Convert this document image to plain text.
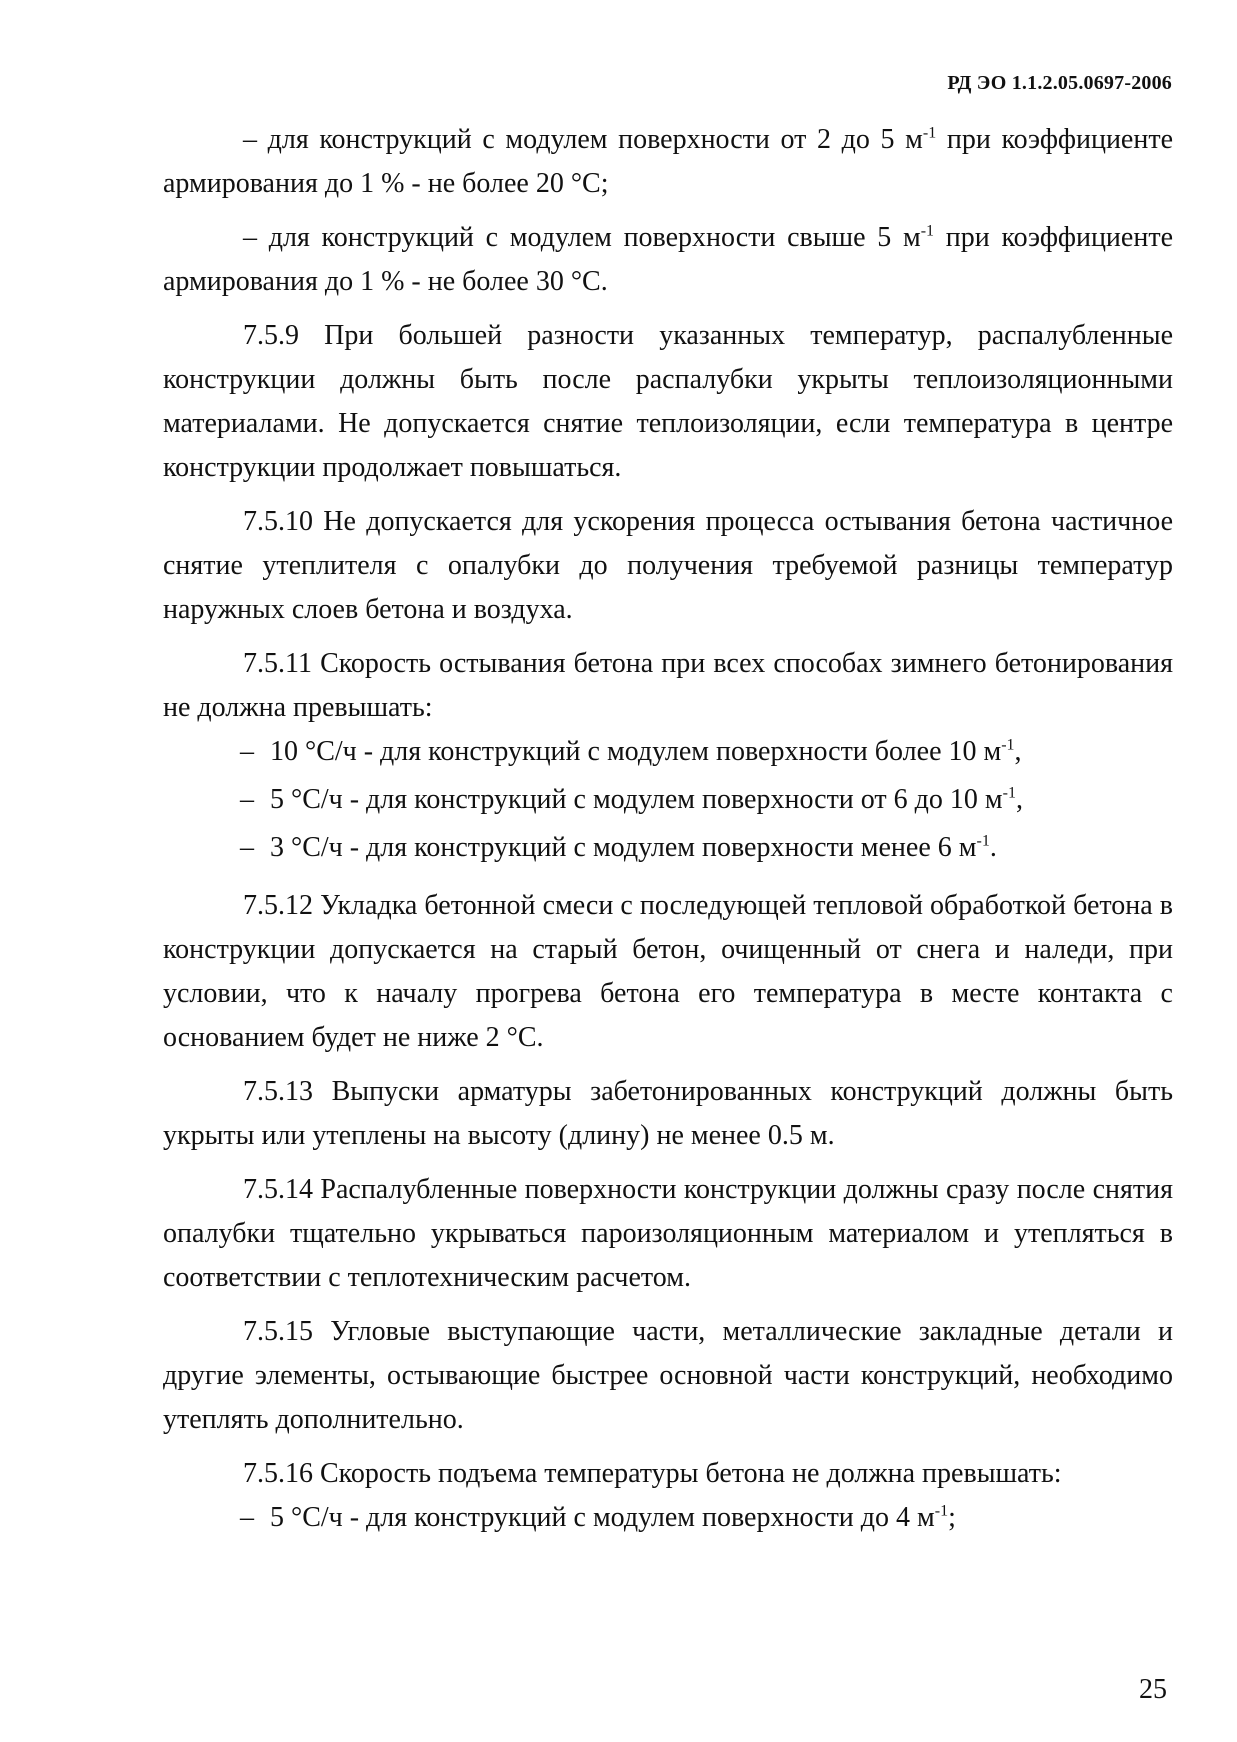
РД ЭО 1.1.2.05.0697-2006

– для конструкций с модулем поверхности от 2 до 5 $м^{-1}$ при коэффициенте армирования до 1 % - не более 20 °С;

– для конструкций с модулем поверхности свыше 5 $м^{-1}$ при коэффициенте армирования до 1 % - не более 30 °С.

7.5.9 При большей разности указанных температур, распалубленные конструкции должны быть после распалубки укрыты теплоизоляционными материалами. Не допускается снятие теплоизоляции, если температура в центре конструкции продолжает повышаться.

7.5.10 Не допускается для ускорения процесса остывания бетона частичное снятие утеплителя с опалубки до получения требуемой разницы температур наружных слоев бетона и воздуха.

7.5.11 Скорость остывания бетона при всех способах зимнего бетонирования не должна превышать:

– 10 °С/ч - для конструкций с модулем поверхности более 10 $м^{-1}$,

– 5 °С/ч - для конструкций с модулем поверхности от 6 до 10 $м^{-1}$,

– 3 °С/ч - для конструкций с модулем поверхности менее 6 $м^{-1}$.

7.5.12 Укладка бетонной смеси с последующей тепловой обработкой бетона в конструкции допускается на старый бетон, очищенный от снега и наледи, при условии, что к началу прогрева бетона его температура в месте контакта с основанием будет не ниже 2 °С.

7.5.13 Выпуски арматуры забетонированных конструкций должны быть укрыты или утеплены на высоту (длину) не менее 0.5 м.

7.5.14 Распалубленные поверхности конструкции должны сразу после снятия опалубки тщательно укрываться пароизоляционным материалом и утепляться в соответствии с теплотехническим расчетом.

7.5.15 Угловые выступающие части, металлические закладные детали и другие элементы, остывающие быстрее основной части конструкций, необходимо утеплять дополнительно.

7.5.16 Скорость подъема температуры бетона не должна превышать:

– 5 °С/ч - для конструкций с модулем поверхности до 4 $м^{-1}$;

25
